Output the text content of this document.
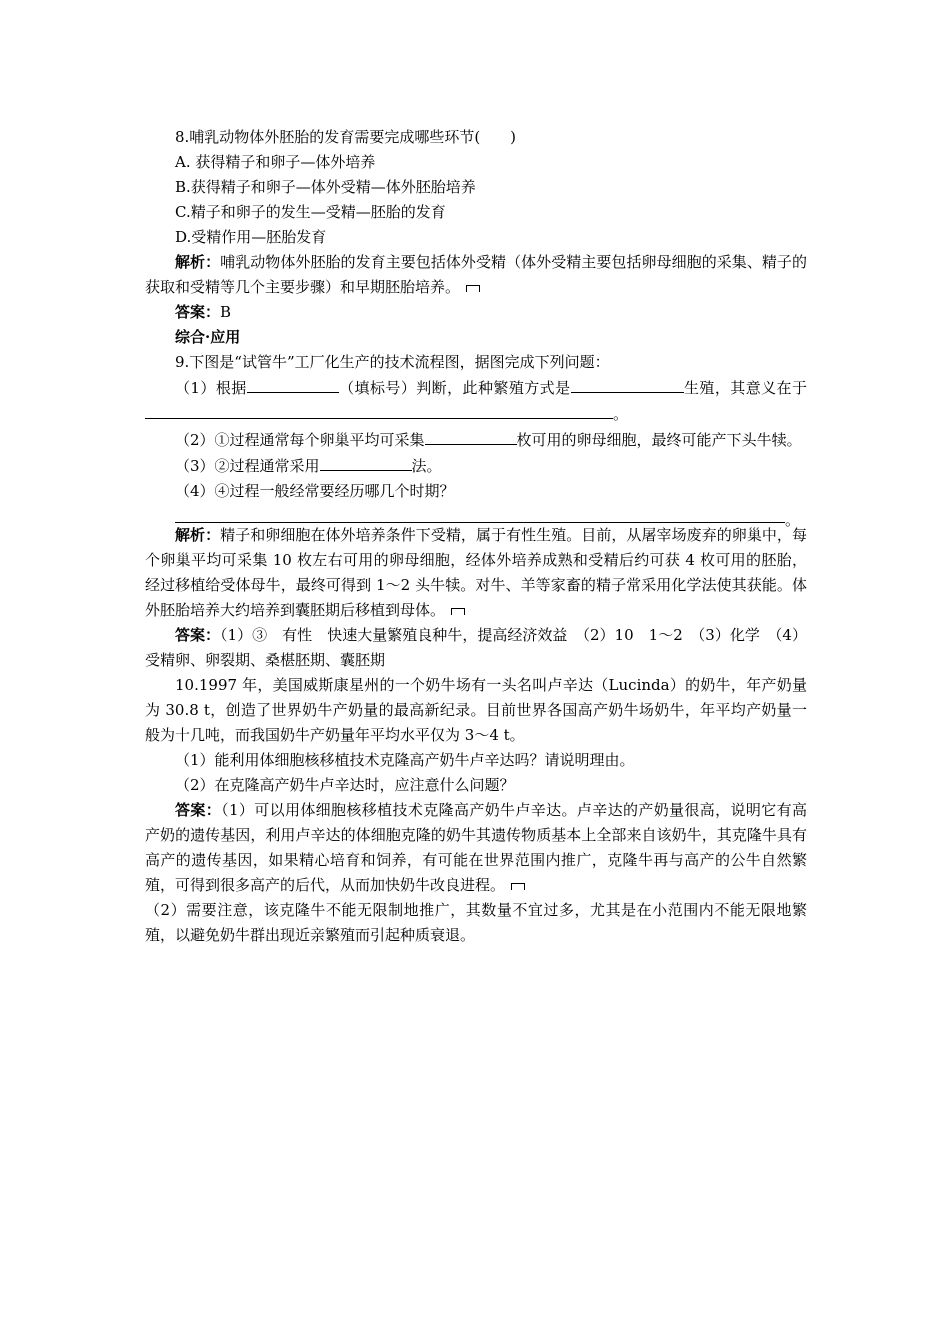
8.哺乳动物体外胚胎的发育需要完成哪些环节(　　)

A. 获得精子和卵子—体外培养

B.获得精子和卵子—体外受精—体外胚胎培养

C.精子和卵子的发生—受精—胚胎的发育

D.受精作用—胚胎发育

解析：哺乳动物体外胚胎的发育主要包括体外受精（体外受精主要包括卵母细胞的采集、精子的获取和受精等几个主要步骤）和早期胚胎培养。

答案：B

综合·应用

9.下图是“试管牛”工厂化生产的技术流程图，据图完成下列问题：

（1）根据	（填标号）判断，此种繁殖方式是	生殖，其意义在于。

（2）①过程通常每个卵巢平均可采集	枚可用的卵母细胞，最终可能产下头牛犊。

（3）②过程通常采用	法。

（4）④过程一般经常要经历哪几个时期？

。

解析：精子和卵细胞在体外培养条件下受精，属于有性生殖。目前，从屠宰场废弃的卵巢中，每个卵巢平均可采集 10 枚左右可用的卵母细胞，经体外培养成熟和受精后约可获 4 枚可用的胚胎，经过移植给受体母牛，最终可得到 1～2 头牛犊。对牛、羊等家畜的精子常采用化学法使其获能。体外胚胎培养大约培养到囊胚期后移植到母体。

答案：（1）③　有性　快速大量繁殖良种牛，提高经济效益　（2）10　1～2　（3）化学　（4）受精卵、卵裂期、桑椹胚期、囊胚期

10.1997 年，美国威斯康星州的一个奶牛场有一头名叫卢辛达（Lucinda）的奶牛，年产奶量为 30.8 t，创造了世界奶牛产奶量的最高新纪录。目前世界各国高产奶牛场奶牛，年平均产奶量一般为十几吨，而我国奶牛产奶量年平均水平仅为 3～4 t。

（1）能利用体细胞核移植技术克隆高产奶牛卢辛达吗？请说明理由。

（2）在克隆高产奶牛卢辛达时，应注意什么问题？

答案：（1）可以用体细胞核移植技术克隆高产奶牛卢辛达。卢辛达的产奶量很高，说明它有高产奶的遗传基因，利用卢辛达的体细胞克隆的奶牛其遗传物质基本上全部来自该奶牛，其克隆牛具有高产的遗传基因，如果精心培育和饲养，有可能在世界范围内推广，克隆牛再与高产的公牛自然繁殖，可得到很多高产的后代，从而加快奶牛改良进程。

（2）需要注意，该克隆牛不能无限制地推广，其数量不宜过多，尤其是在小范围内不能无限地繁殖，以避免奶牛群出现近亲繁殖而引起种质衰退。
